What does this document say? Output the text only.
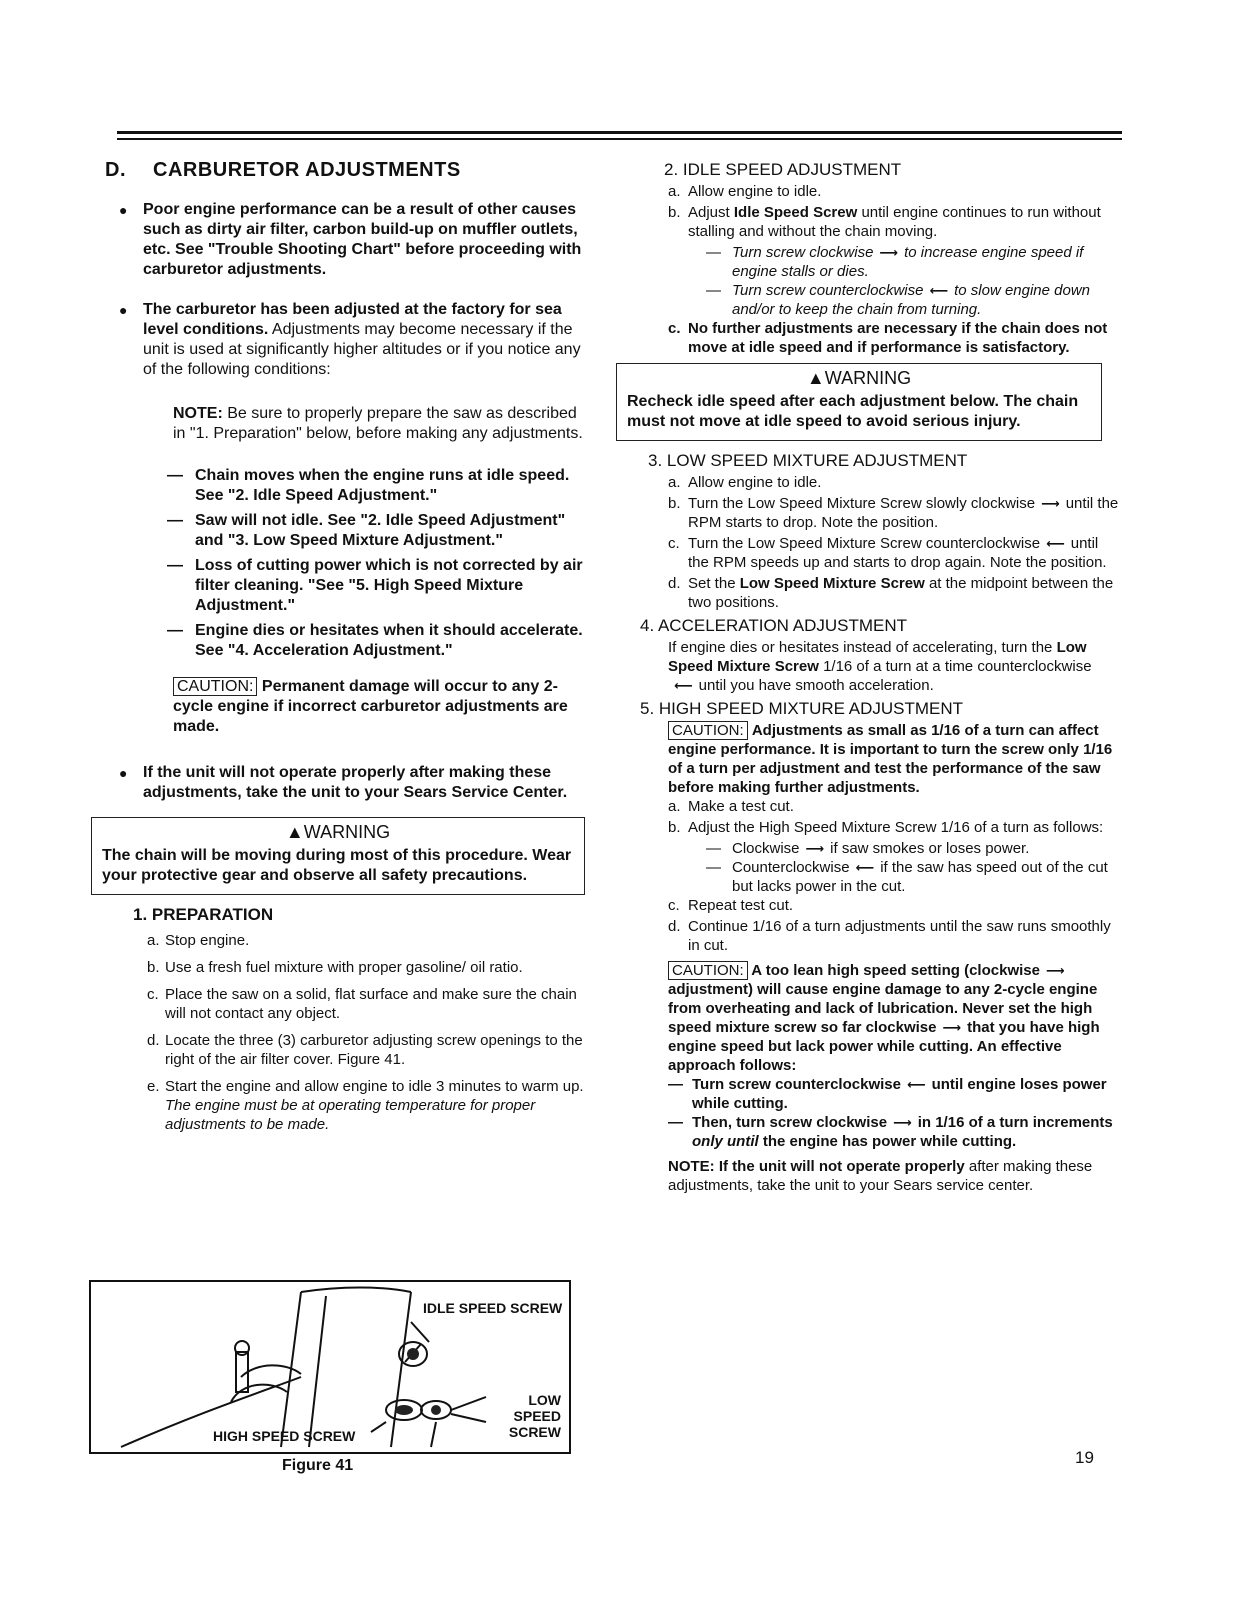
D. CARBURETOR ADJUSTMENTS
● Poor engine performance can be a result of other causes such as dirty air filter, carbon build-up on muffler outlets, etc. See "Trouble Shooting Chart" before proceeding with carburetor adjustments.
● The carburetor has been adjusted at the factory for sea level conditions. Adjustments may become necessary if the unit is used at significantly higher altitudes or if you notice any of the following conditions:

NOTE: Be sure to properly prepare the saw as described in "1. Preparation" below, before making any adjustments.

— Chain moves when the engine runs at idle speed. See "2. Idle Speed Adjustment."
— Saw will not idle. See "2. Idle Speed Adjustment" and "3. Low Speed Mixture Adjustment."
— Loss of cutting power which is not corrected by air filter cleaning. "See "5. High Speed Mixture Adjustment."
— Engine dies or hesitates when it should accelerate. See "4. Acceleration Adjustment."

CAUTION: Permanent damage will occur to any 2-cycle engine if incorrect carburetor adjustments are made.

● If the unit will not operate properly after making these adjustments, take the unit to your Sears Service Center.
▲WARNING
The chain will be moving during most of this procedure. Wear your protective gear and observe all safety precautions.
1. PREPARATION
a. Stop engine.
b. Use a fresh fuel mixture with proper gasoline/ oil ratio.
c. Place the saw on a solid, flat surface and make sure the chain will not contact any object.
d. Locate the three (3) carburetor adjusting screw openings to the right of the air filter cover. Figure 41.
e. Start the engine and allow engine to idle 3 minutes to warm up. The engine must be at operating temperature for proper adjustments to be made.
IDLE SPEED SCREW
LOW SPEED SCREW
HIGH SPEED SCREW
Figure 41
2. IDLE SPEED ADJUSTMENT
a. Allow engine to idle.
b. Adjust Idle Speed Screw until engine continues to run without stalling and without the chain moving.
— Turn screw clockwise ⟶ to increase engine speed if engine stalls or dies.
— Turn screw counterclockwise ⟵ to slow engine down and/or to keep the chain from turning.
c. No further adjustments are necessary if the chain does not move at idle speed and if performance is satisfactory.
▲WARNING
Recheck idle speed after each adjustment below. The chain must not move at idle speed to avoid serious injury.
3. LOW SPEED MIXTURE ADJUSTMENT
a. Allow engine to idle.
b. Turn the Low Speed Mixture Screw slowly clockwise ⟶ until the RPM starts to drop. Note the position.
c. Turn the Low Speed Mixture Screw counterclockwise ⟵ until the RPM speeds up and starts to drop again. Note the position.
d. Set the Low Speed Mixture Screw at the midpoint between the two positions.
4. ACCELERATION ADJUSTMENT

If engine dies or hesitates instead of accelerating, turn the Low Speed Mixture Screw 1/16 of a turn at a time counterclockwise⟵ until you have smooth acceleration.

5. HIGH SPEED MIXTURE ADJUSTMENT

CAUTION: Adjustments as small as 1/16 of a turn can affect engine performance. It is important to turn the screw only 1/16 of a turn per adjustment and test the performance of the saw before making further adjustments.

a. Make a test cut.
b. Adjust the High Speed Mixture Screw 1/16 of a turn as follows:
— Clockwise ⟶ if saw smokes or loses power.
— Counterclockwise ⟵ if the saw has speed out of the cut but lacks power in the cut.
c. Repeat test cut.
d. Continue 1/16 of a turn adjustments until the saw runs smoothly in cut.

CAUTION: A too lean high speed setting (clockwise ⟶adjustment) will cause engine damage to any 2-cycle engine from overheating and lack of lubrication. Never set the high speed mixture screw so far clockwise ⟶ that you have high engine speed but lack power while cutting. An effective approach follows:

— Turn screw counterclockwise ⟵ until engine loses power while cutting.
— Then, turn screw clockwise ⟶ in 1/16 of a turn increments only until the engine has power while cutting.

NOTE: If the unit will not operate properly after making these adjustments, take the unit to your Sears service center.

19
